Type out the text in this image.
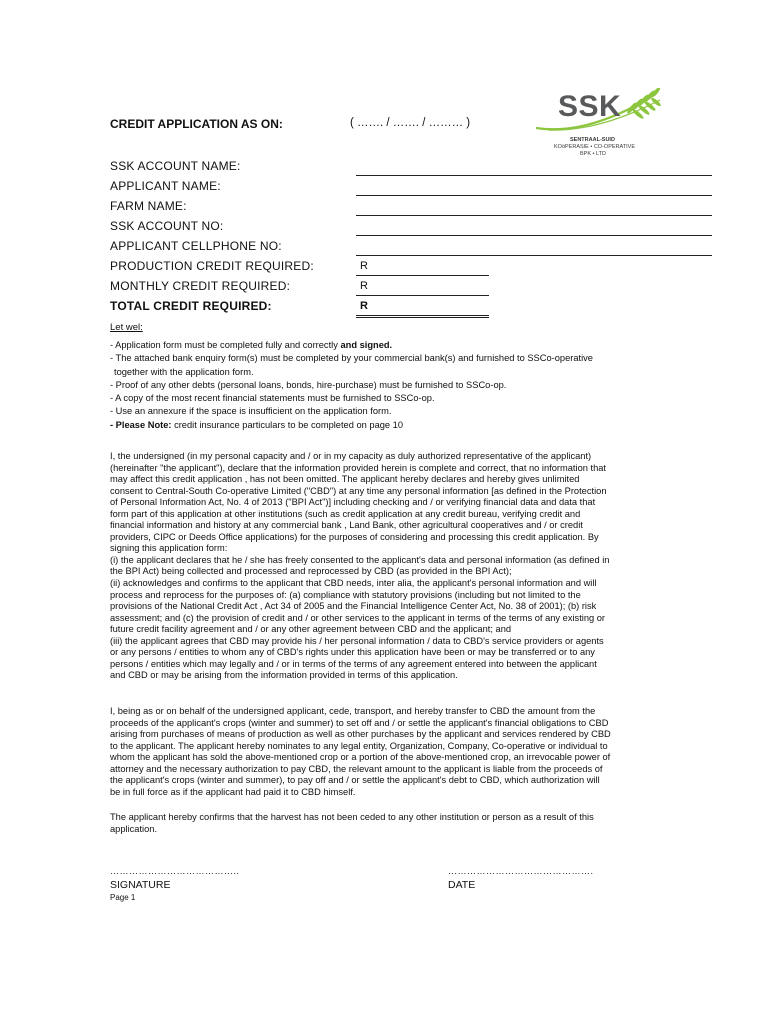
CREDIT APPLICATION AS ON:	( ……. / ……. / ……… )	SSK
SENTRAAL-SUID
KOöPERASIE • CO-OPERATIVE
BPK • LTD
SSK ACCOUNT NAME:
APPLICANT NAME:
FARM NAME:
SSK ACCOUNT NO:
APPLICANT CELLPHONE NO:
PRODUCTION CREDIT REQUIRED:	R
MONTHLY CREDIT REQUIRED:	R
TOTAL CREDIT REQUIRED:	R
Let wel:
- Application form must be completed fully and correctly and signed.
- The attached bank enquiry form(s) must be completed by your commercial bank(s) and furnished to SSCo-operative
together with the application form.
- Proof of any other debts (personal loans, bonds, hire-purchase) must be furnished to SSCo-op.
- A copy of the most recent financial statements must be furnished to SSCo-op.
- Use an annexure if the space is insufficient on the application form.
- Please Note: credit insurance particulars to be completed on page 10
I, the undersigned (in my personal capacity and / or in my capacity as duly authorized representative of the applicant)
(hereinafter "the applicant"), declare that the information provided herein is complete and correct, that no information that
may affect this credit application , has not been omitted. The applicant hereby declares and hereby gives unlimited
consent to Central-South Co-operative Limited ("CBD") at any time any personal information [as defined in the Protection
of Personal Information Act, No. 4 of 2013 ("BPI Act")] including checking and / or verifying financial data and data that
form part of this application at other institutions (such as credit application at any credit bureau, verifying credit and
financial information and history at any commercial bank , Land Bank, other agricultural cooperatives and / or credit
providers, CIPC or Deeds Office applications) for the purposes of considering and processing this credit application. By
signing this application form:
(i) the applicant declares that he / she has freely consented to the applicant's data and personal information (as defined in
the BPI Act) being collected and processed and reprocessed by CBD (as provided in the BPI Act);
(ii) acknowledges and confirms to the applicant that CBD needs, inter alia, the applicant's personal information and will
process and reprocess for the purposes of: (a) compliance with statutory provisions (including but not limited to the
provisions of the National Credit Act , Act 34 of 2005 and the Financial Intelligence Center Act, No. 38 of 2001); (b) risk
assessment; and (c) the provision of credit and / or other services to the applicant in terms of the terms of any existing or
future credit facility agreement and / or any other agreement between CBD and the applicant; and
(iii) the applicant agrees that CBD may provide his / her personal information / data to CBD's service providers or agents
or any persons / entities to whom any of CBD's rights under this application have been or may be transferred or to any
persons / entities which may legally and / or in terms of the terms of any agreement entered into between the applicant
and CBD or may be arising from the information provided in terms of this application.
I, being as or on behalf of the undersigned applicant, cede, transport, and hereby transfer to CBD the amount from the
proceeds of the applicant's crops (winter and summer) to set off and / or settle the applicant's financial obligations to CBD
arising from purchases of means of production as well as other purchases by the applicant and services rendered by CBD
to the applicant. The applicant hereby nominates to any legal entity, Organization, Company, Co-operative or individual to
whom the applicant has sold the above-mentioned crop or a portion of the above-mentioned crop, an irrevocable power of
attorney and the necessary authorization to pay CBD, the relevant amount to the applicant is liable from the proceeds of
the applicant's crops (winter and summer), to pay off and / or settle the applicant's debt to CBD, which authorization will
be in full force as if the applicant had paid it to CBD himself.
The applicant hereby confirms that the harvest has not been ceded to any other institution or person as a result of this
application.
…………………………………..
SIGNATURE
……………………………………….
DATE
Page 1
